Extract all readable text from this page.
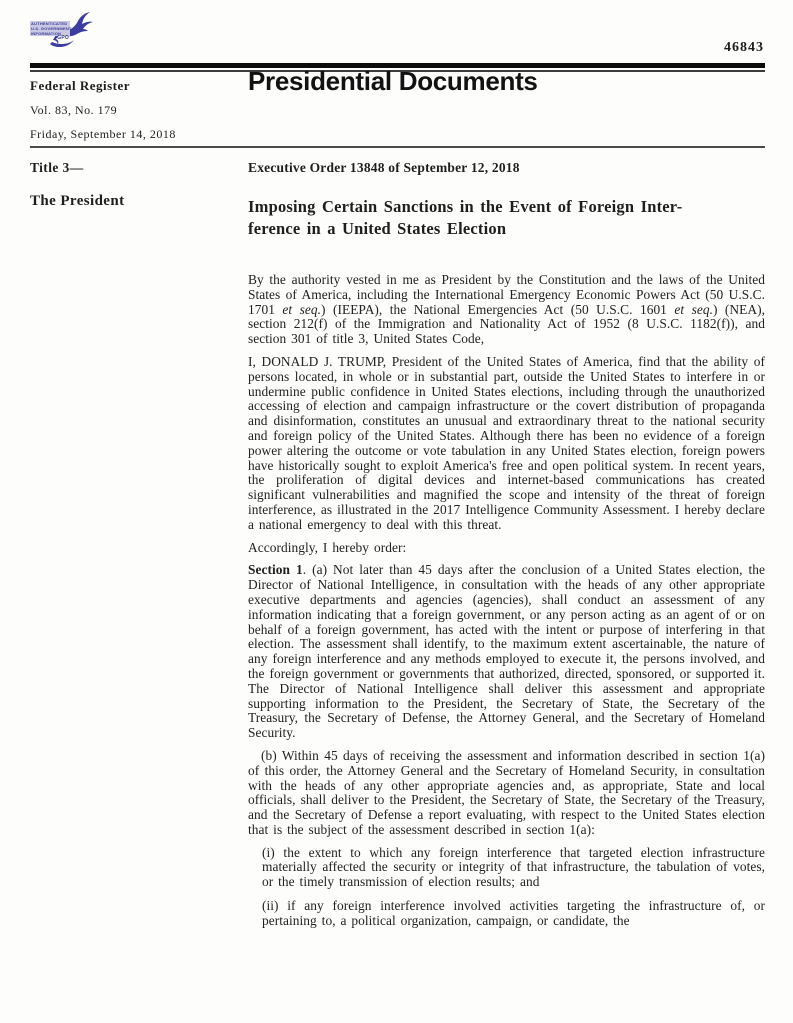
AUTHENTICATED
U.S. GOVERNMENT
INFORMATION
GPO
46843
Federal Register
Vol. 83, No. 179
Friday, September 14, 2018
Presidential Documents
Title 3—
The President
Executive Order 13848 of September 12, 2018
Imposing Certain Sanctions in the Event of Foreign Inter-
ference in a United States Election

By the authority vested in me as President by the Constitution and the laws of the United States of America, including the International Emergency Economic Powers Act (50 U.S.C. 1701 et seq.) (IEEPA), the National Emergencies Act (50 U.S.C. 1601 et seq.) (NEA), section 212(f) of the Immigration and Nationality Act of 1952 (8 U.S.C. 1182(f)), and section 301 of title 3, United States Code,

I, DONALD J. TRUMP, President of the United States of America, find that the ability of persons located, in whole or in substantial part, outside the United States to interfere in or undermine public confidence in United States elections, including through the unauthorized accessing of election and campaign infrastructure or the covert distribution of propaganda and disinformation, constitutes an unusual and extraordinary threat to the national security and foreign policy of the United States. Although there has been no evidence of a foreign power altering the outcome or vote tabulation in any United States election, foreign powers have historically sought to exploit America's free and open political system. In recent years, the proliferation of digital devices and internet-based communications has created significant vulnerabilities and magnified the scope and intensity of the threat of foreign interference, as illustrated in the 2017 Intelligence Community Assessment. I hereby declare a national emergency to deal with this threat.

Accordingly, I hereby order:

Section 1. (a) Not later than 45 days after the conclusion of a United States election, the Director of National Intelligence, in consultation with the heads of any other appropriate executive departments and agencies (agencies), shall conduct an assessment of any information indicating that a foreign government, or any person acting as an agent of or on behalf of a foreign government, has acted with the intent or purpose of interfering in that election. The assessment shall identify, to the maximum extent ascertainable, the nature of any foreign interference and any methods employed to execute it, the persons involved, and the foreign government or governments that authorized, directed, sponsored, or supported it. The Director of National Intelligence shall deliver this assessment and appropriate supporting information to the President, the Secretary of State, the Secretary of the Treasury, the Secretary of Defense, the Attorney General, and the Secretary of Homeland Security.

(b) Within 45 days of receiving the assessment and information described in section 1(a) of this order, the Attorney General and the Secretary of Homeland Security, in consultation with the heads of any other appropriate agencies and, as appropriate, State and local officials, shall deliver to the President, the Secretary of State, the Secretary of the Treasury, and the Secretary of Defense a report evaluating, with respect to the United States election that is the subject of the assessment described in section 1(a):

(i) the extent to which any foreign interference that targeted election infrastructure materially affected the security or integrity of that infrastructure, the tabulation of votes, or the timely transmission of election results; and

(ii) if any foreign interference involved activities targeting the infrastructure of, or pertaining to, a political organization, campaign, or candidate, the
